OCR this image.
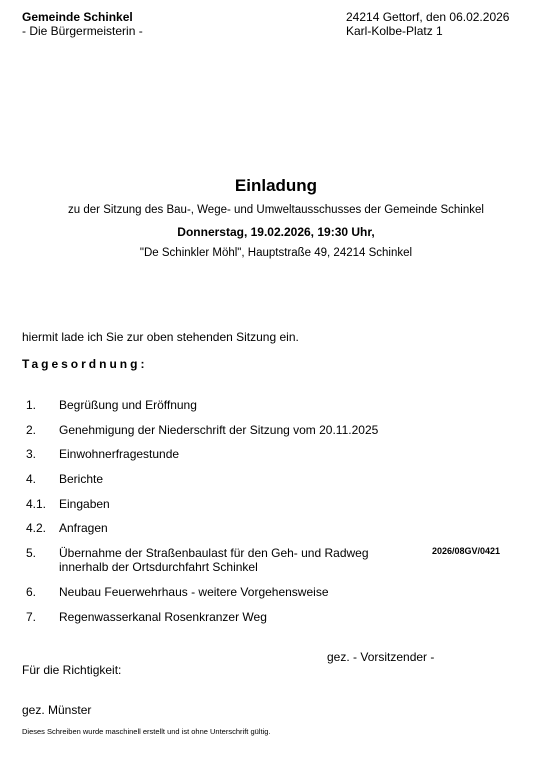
Gemeinde Schinkel
- Die Bürgermeisterin -
24214 Gettorf, den 06.02.2026
Karl-Kolbe-Platz 1
Einladung
zu der Sitzung des Bau-, Wege- und Umweltausschusses der Gemeinde Schinkel
Donnerstag, 19.02.2026, 19:30 Uhr,
"De Schinkler Möhl", Hauptstraße 49, 24214 Schinkel
hiermit lade ich Sie zur oben stehenden Sitzung ein.
Tagesordnung:
1. Begrüßung und Eröffnung
2. Genehmigung der Niederschrift der Sitzung vom 20.11.2025
3. Einwohnerfragestunde
4. Berichte
4.1. Eingaben
4.2. Anfragen
5. Übernahme der Straßenbaulast für den Geh- und Radweg innerhalb der Ortsdurchfahrt Schinkel
2026/08GV/0421
6. Neubau Feuerwehrhaus - weitere Vorgehensweise
7. Regenwasserkanal Rosenkranzer Weg
gez. - Vorsitzender -
Für die Richtigkeit:
gez. Münster
Dieses Schreiben wurde maschinell erstellt und ist ohne Unterschrift gültig.
